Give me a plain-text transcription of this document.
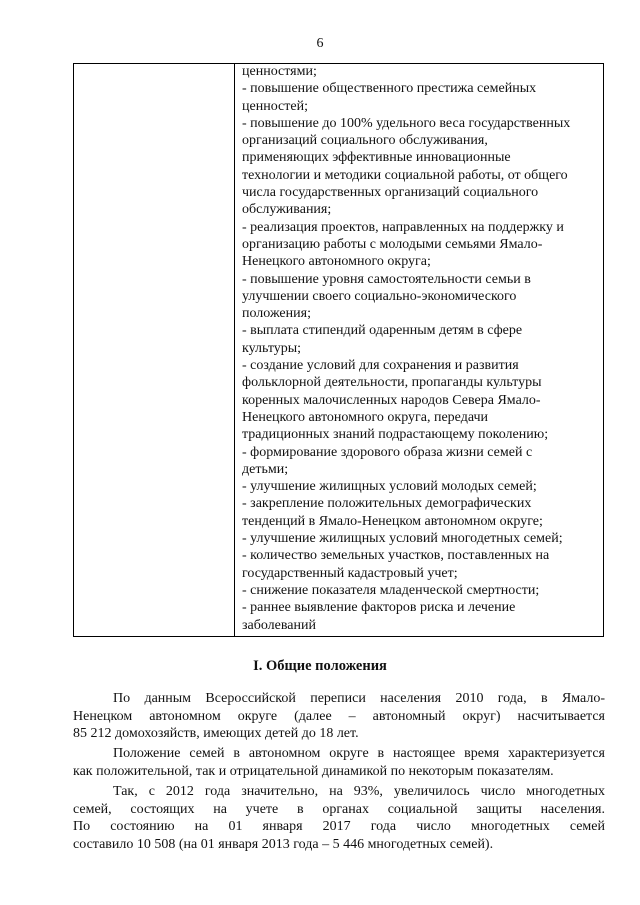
6
ценностями;
- повышение общественного престижа семейных
ценностей;
- повышение до 100% удельного веса государственных
организаций социального обслуживания,
применяющих эффективные инновационные
технологии и методики социальной работы, от общего
числа государственных организаций социального
обслуживания;
- реализация проектов, направленных на поддержку и
организацию работы с молодыми семьями Ямало-
Ненецкого автономного округа;
- повышение уровня самостоятельности семьи в
улучшении своего социально-экономического
положения;
- выплата стипендий одаренным детям в сфере
культуры;
- создание условий для сохранения и развития
фольклорной деятельности, пропаганды культуры
коренных малочисленных народов Севера Ямало-
Ненецкого автономного округа, передачи
традиционных знаний подрастающему поколению;
- формирование здорового образа жизни семей с
детьми;
- улучшение жилищных условий молодых семей;
- закрепление положительных демографических
тенденций в Ямало-Ненецком автономном округе;
- улучшение жилищных условий многодетных семей;
- количество земельных участков, поставленных на
государственный кадастровый учет;
- снижение показателя младенческой смертности;
- раннее выявление факторов риска и лечение
заболеваний
I. Общие положения
По данным Всероссийской переписи населения 2010 года, в Ямало-
Ненецком автономном округе (далее – автономный округ) насчитывается
85 212 домохозяйств, имеющих детей до 18 лет.
Положение семей в автономном округе в настоящее время характеризуется
как положительной, так и отрицательной динамикой по некоторым показателям.
Так, с 2012 года значительно, на 93%, увеличилось число многодетных
семей, состоящих на учете в органах социальной защиты населения.
По состоянию на 01 января 2017 года число многодетных семей
составило 10 508 (на 01 января 2013 года – 5 446 многодетных семей).
